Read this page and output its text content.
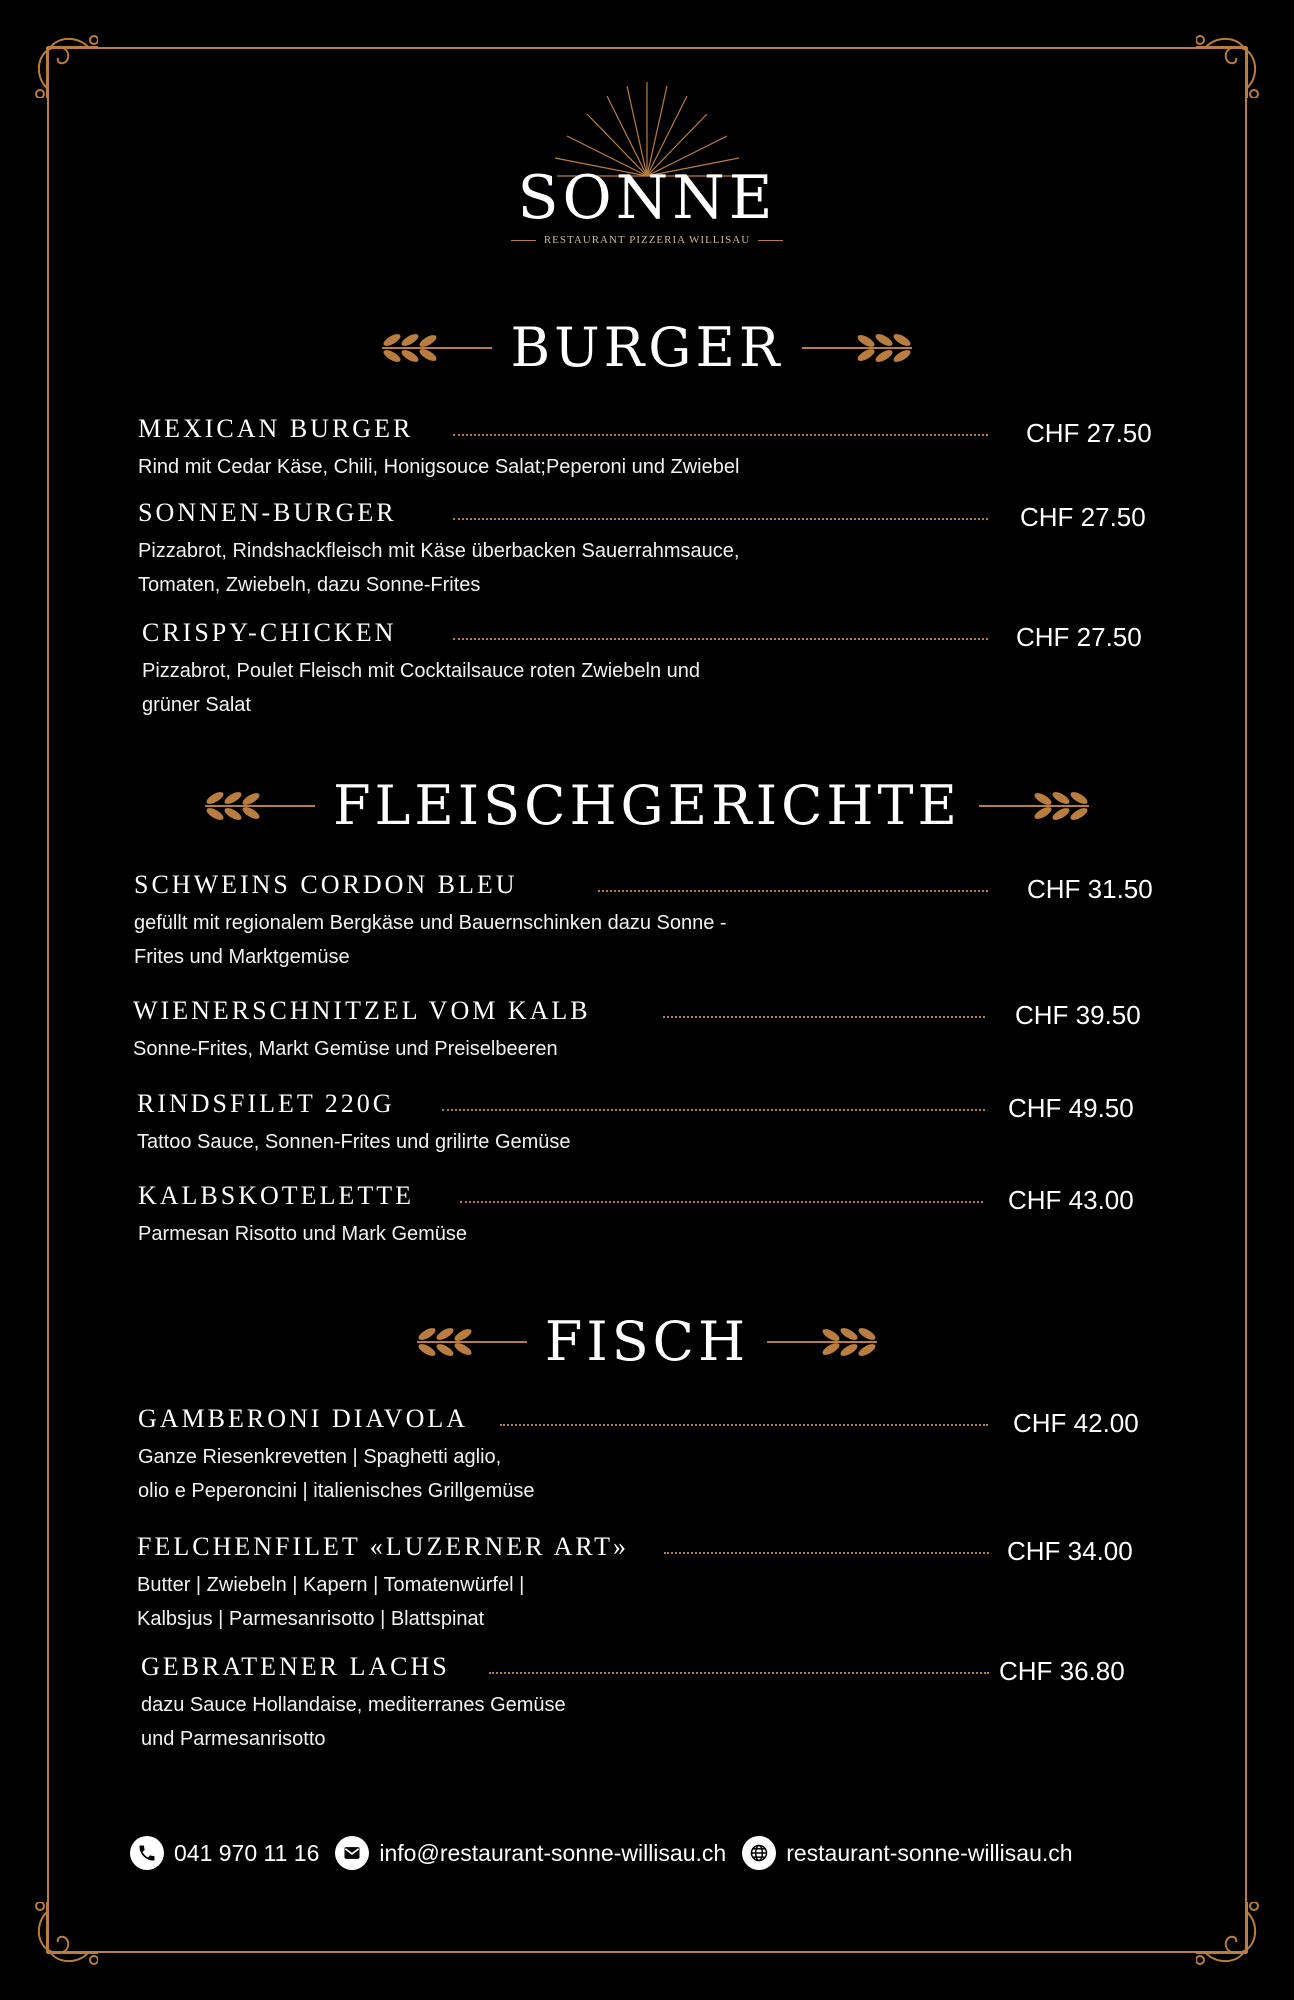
SONNE
RESTAURANT PIZZERIA WILLISAU
BURGER
FLEISCHGERICHTE
FISCH
MEXICAN BURGER	CHF 27.50
Rind mit Cedar Käse, Chili, Honigsouce Salat;Peperoni und Zwiebel
SONNEN-BURGER	CHF 27.50
Pizzabrot, Rindshackfleisch mit Käse überbacken Sauerrahmsauce,
Tomaten, Zwiebeln, dazu Sonne-Frites
CRISPY-CHICKEN	CHF 27.50
Pizzabrot, Poulet Fleisch mit Cocktailsauce roten Zwiebeln und
grüner Salat
SCHWEINS CORDON BLEU	CHF 31.50
gefüllt mit regionalem Bergkäse und Bauernschinken dazu Sonne -
Frites und Marktgemüse
WIENERSCHNITZEL VOM KALB	CHF 39.50
Sonne-Frites, Markt Gemüse und Preiselbeeren
RINDSFILET 220G	CHF 49.50
Tattoo Sauce, Sonnen-Frites und grilirte Gemüse
KALBSKOTELETTE	CHF 43.00
Parmesan Risotto und Mark Gemüse
GAMBERONI DIAVOLA	CHF 42.00
Ganze Riesenkrevetten | Spaghetti aglio,
olio e Peperoncini | italienisches Grillgemüse
FELCHENFILET «LUZERNER ART»	CHF 34.00
Butter | Zwiebeln | Kapern | Tomatenwürfel |
Kalbsjus | Parmesanrisotto | Blattspinat
GEBRATENER LACHS	CHF 36.80
dazu Sauce Hollandaise, mediterranes Gemüse
und Parmesanrisotto
041 970 11 16	info@restaurant-sonne-willisau.ch	restaurant-sonne-willisau.ch
